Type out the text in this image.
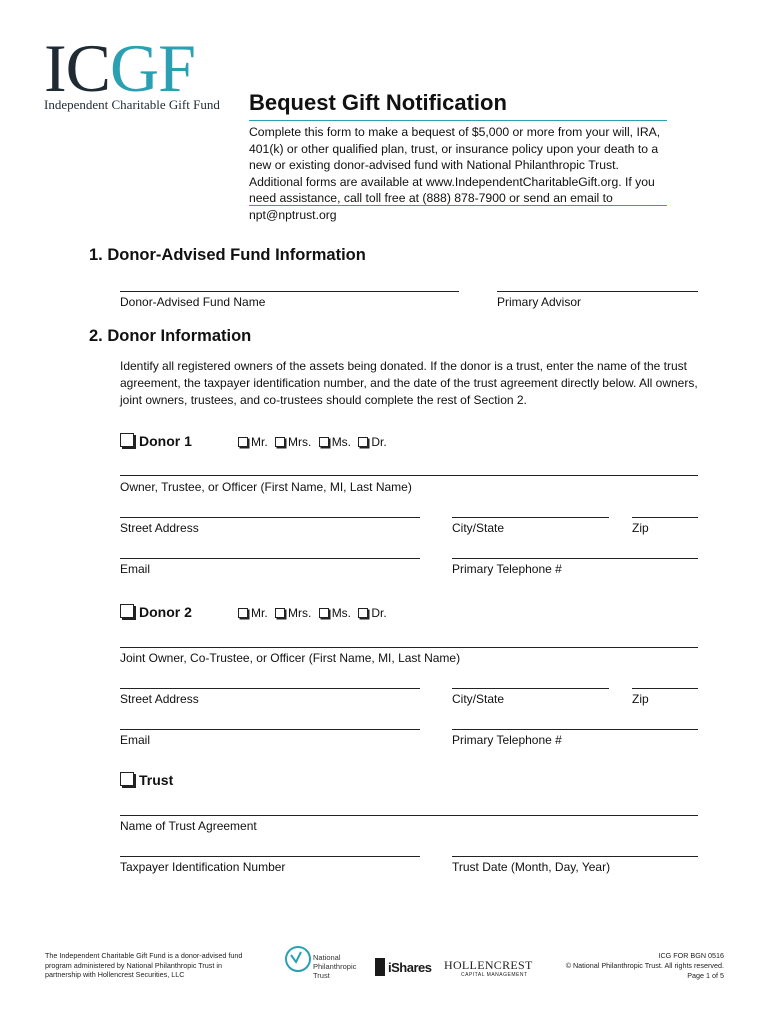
ICGF
Independent Charitable Gift Fund Bequest Gift Notification
Complete this form to make a bequest of $5,000 or more from your will, IRA, 401(k) or other qualified plan, trust, or insurance policy upon your death to a new or existing donor-advised fund with National Philanthropic Trust. Additional forms are available at www.IndependentCharitableGift.org. If you need assistance, call toll free at (888) 878-7900 or send an email to npt@nptrust.org
1. Donor-Advised Fund Information
Donor-Advised Fund Name	Primary Advisor
2. Donor Information
Identify all registered owners of the assets being donated. If the donor is a trust, enter the name of the trust agreement, the taxpayer identification number, and the date of the trust agreement directly below. All owners, joint owners, trustees, and co-trustees should complete the rest of Section 2.
Donor 1	Mr. Mrs. Ms. Dr.
Owner, Trustee, or Officer (First Name, MI, Last Name)
Street Address	City/State	Zip
Email	Primary Telephone #
Donor 2	Mr. Mrs. Ms. Dr.
Joint Owner, Co-Trustee, or Officer (First Name, MI, Last Name)
Street Address	City/State	Zip
Email	Primary Telephone #
Trust
Name of Trust Agreement
Taxpayer Identification Number	Trust Date (Month, Day, Year)
The Independent Charitable Gift Fund is a donor-advised fund program administered by National Philanthropic Trust in partnership with Hollencrest Securities, LLC
National
Philanthropic
Trust
iShares HOLLENCREST
CAPITAL MANAGEMENT
ICG FOR BGN 0516
© National Philanthropic Trust. All rights reserved.
Page 1 of 5
